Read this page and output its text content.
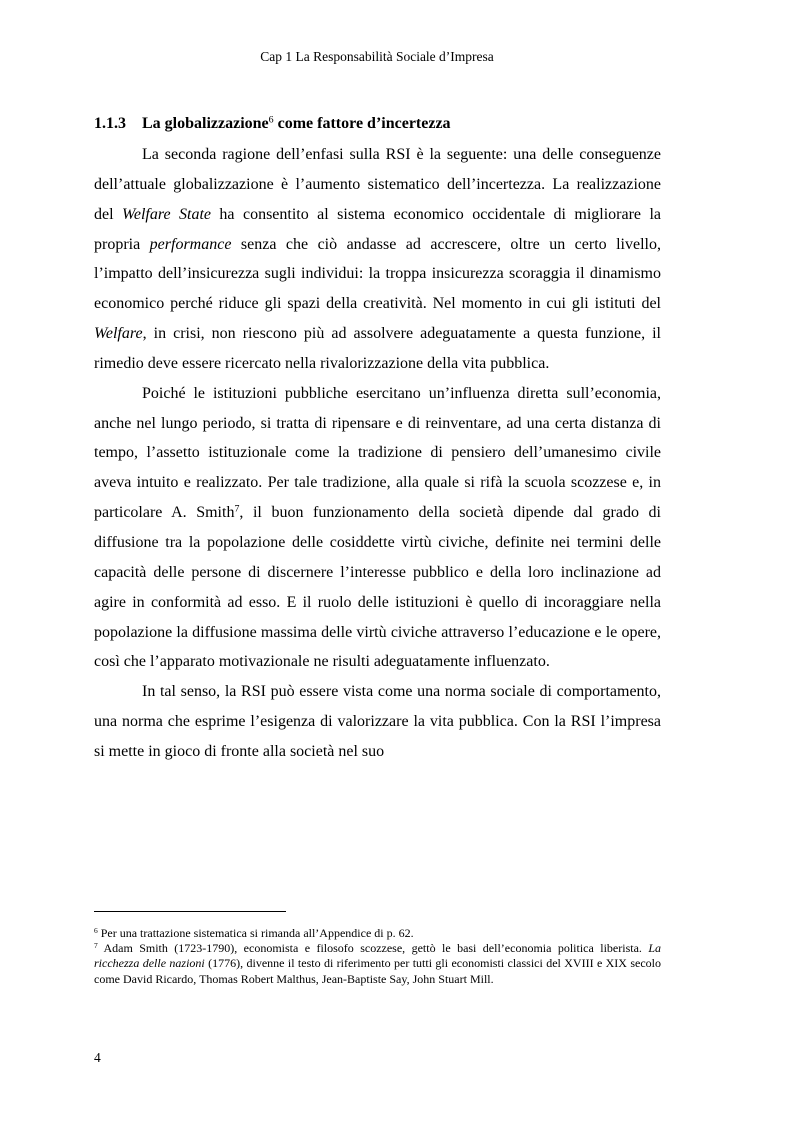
Cap 1 La Responsabilità Sociale d’Impresa
1.1.3 La globalizzazione$^6$ come fattore d’incertezza

La seconda ragione dell’enfasi sulla RSI è la seguente: una delle conseguenze dell’attuale globalizzazione è l’aumento sistematico dell’incertezza. La realizzazione del Welfare State ha consentito al sistema economico occidentale di migliorare la propria performance senza che ciò andasse ad accrescere, oltre un certo livello, l’impatto dell’insicurezza sugli individui: la troppa insicurezza scoraggia il dinamismo economico perché riduce gli spazi della creatività. Nel momento in cui gli istituti del Welfare, in crisi, non riescono più ad assolvere adeguatamente a questa funzione, il rimedio deve essere ricercato nella rivalorizzazione della vita pubblica.

Poiché le istituzioni pubbliche esercitano un’influenza diretta sull’economia, anche nel lungo periodo, si tratta di ripensare e di reinventare, ad una certa distanza di tempo, l’assetto istituzionale come la tradizione di pensiero dell’umanesimo civile aveva intuito e realizzato. Per tale tradizione, alla quale si rifà la scuola scozzese e, in particolare A. Smith$^7$, il buon funzionamento della società dipende dal grado di diffusione tra la popolazione delle cosiddette virtù civiche, definite nei termini delle capacità delle persone di discernere l’interesse pubblico e della loro inclinazione ad agire in conformità ad esso. E il ruolo delle istituzioni è quello di incoraggiare nella popolazione la diffusione massima delle virtù civiche attraverso l’educazione e le opere, così che l’apparato motivazionale ne risulti adeguatamente influenzato.

In tal senso, la RSI può essere vista come una norma sociale di comportamento, una norma che esprime l’esigenza di valorizzare la vita pubblica. Con la RSI l’impresa si mette in gioco di fronte alla società nel suo

$^6$ Per una trattazione sistematica si rimanda all’Appendice di p. 62.

$^7$ Adam Smith (1723-1790), economista e filosofo scozzese, gettò le basi dell’economia politica liberista. La ricchezza delle nazioni (1776), divenne il testo di riferimento per tutti gli economisti classici del XVIII e XIX secolo come David Ricardo, Thomas Robert Malthus, Jean-Baptiste Say, John Stuart Mill.

4
